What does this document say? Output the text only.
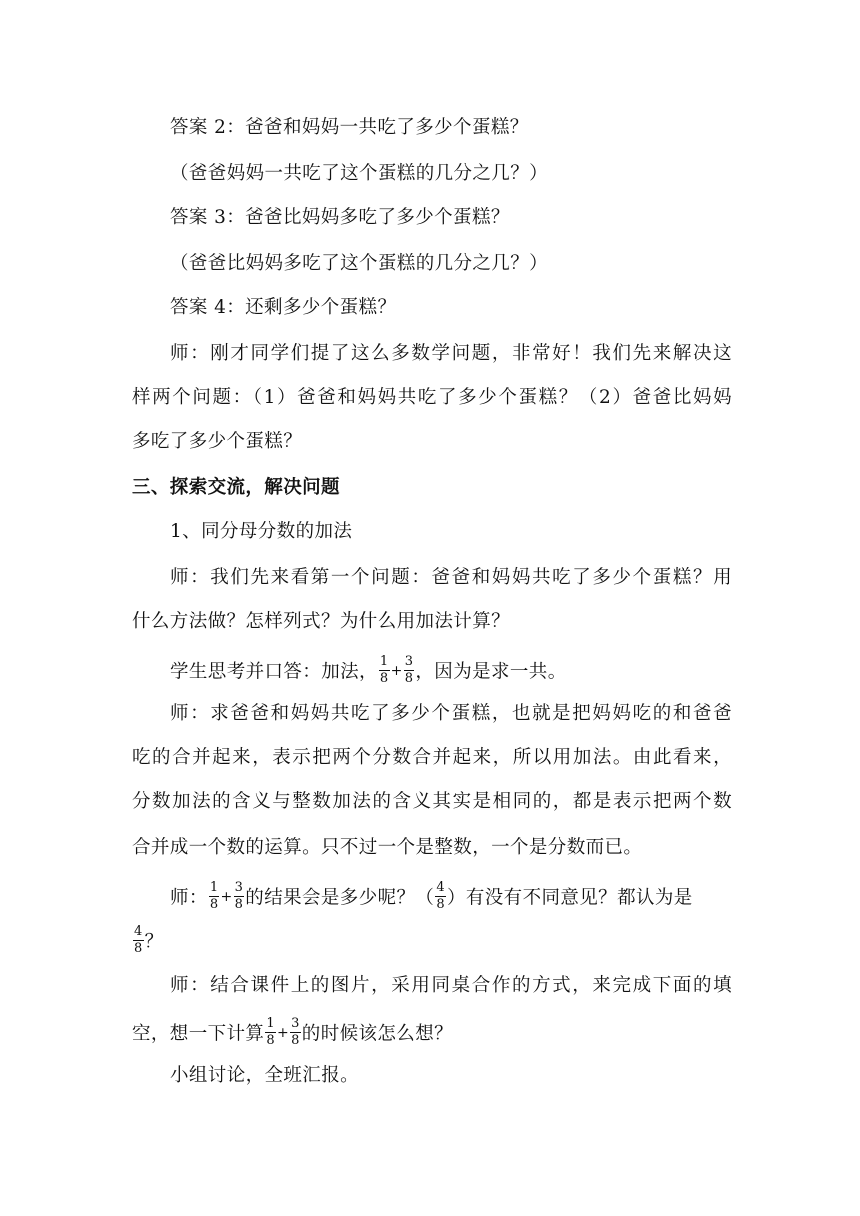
答案 2：爸爸和妈妈一共吃了多少个蛋糕？
（爸爸妈妈一共吃了这个蛋糕的几分之几？）
答案 3：爸爸比妈妈多吃了多少个蛋糕？
（爸爸比妈妈多吃了这个蛋糕的几分之几？）
答案 4：还剩多少个蛋糕？
师：刚才同学们提了这么多数学问题，非常好！我们先来解决这
样两个问题：（1）爸爸和妈妈共吃了多少个蛋糕？（2）爸爸比妈妈
多吃了多少个蛋糕？
三、探索交流，解决问题
1、同分母分数的加法
师：我们先来看第一个问题：爸爸和妈妈共吃了多少个蛋糕？用
什么方法做？怎样列式？为什么用加法计算？
学生思考并口答：加法， $\frac{1}{8} + \frac{3}{8}$ ，因为是求一共。
师：求爸爸和妈妈共吃了多少个蛋糕，也就是把妈妈吃的和爸爸
吃的合并起来，表示把两个分数合并起来，所以用加法。由此看来，
分数加法的含义与整数加法的含义其实是相同的，都是表示把两个数
合并成一个数的运算。只不过一个是整数，一个是分数而已。
师： $\frac{1}{8} + \frac{3}{8}$ 的结果会是多少呢？（ $\frac{4}{8}$ ）有没有不同意见？都认为是
$\frac{4}{8}$ ？
师：结合课件上的图片，采用同桌合作的方式，来完成下面的填
空，想一下计算 $\frac{1}{8} + \frac{3}{8}$ 的时候该怎么想？
小组讨论，全班汇报。
